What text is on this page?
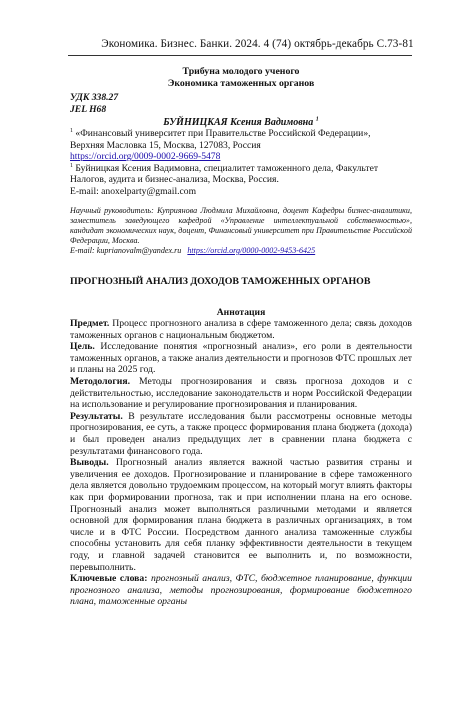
Экономика. Бизнес. Банки. 2024. 4 (74) октябрь-декабрь С.73-81
Трибуна молодого ученого
Экономика таможенных органов
УДК 338.27
JEL H68
БУЙНИЦКАЯ Ксения Вадимовна $^1$
$^1$ «Финансовый университет при Правительстве Российской Федерации»,
Верхняя Масловка 15, Москва, 127083, Россия
https://orcid.org/0009-0002-9669-5478
$^1$ Буйницкая Ксения Вадимовна, специалитет таможенного дела, Факультет Налогов, аудита и бизнес-анализа, Москва, Россия.
E-mail: anoxelparty@gmail.com
Научный руководитель: Куприянова Людмила Михайловна, доцент Кафедры бизнес-аналитики, заместитель заведующего кафедрой «Управление интеллектуальной собственностью», кандидат экономических наук, доцент, Финансовый университет при Правительстве Российской Федерации, Москва.
E-mail: kuprianovalm@yandex.ru https://orcid.org/0000-0002-9453-6425
ПРОГНОЗНЫЙ АНАЛИЗ ДОХОДОВ ТАМОЖЕННЫХ ОРГАНОВ
Аннотация

Предмет. Процесс прогнозного анализа в сфере таможенного дела; связь доходов таможенных органов с национальным бюджетом.

Цель. Исследование понятия «прогнозный анализ», его роли в деятельности таможенных органов, а также анализ деятельности и прогнозов ФТС прошлых лет и планы на 2025 год.

Методология. Методы прогнозирования и связь прогноза доходов и с действительностью, исследование законодательств и норм Российской Федерации на использование и регулирование прогнозирования и планирования.

Результаты. В результате исследования были рассмотрены основные методы прогнозирования, ее суть, а также процесс формирования плана бюджета (дохода) и был проведен анализ предыдущих лет в сравнении плана бюджета с результатами финансового года.

Выводы. Прогнозный анализ является важной частью развития страны и увеличения ее доходов. Прогнозирование и планирование в сфере таможенного дела является довольно трудоемким процессом, на который могут влиять факторы как при формировании прогноза, так и при исполнении плана на его основе. Прогнозный анализ может выполняться различными методами и является основной для формирования плана бюджета в различных организациях, в том числе и в ФТС России. Посредством данного анализа таможенные службы способны установить для себя планку эффективности деятельности в текущем году, и главной задачей становится ее выполнить и, по возможности, перевыполнить.

Ключевые слова: прогнозный анализ, ФТС, бюджетное планирование, функции прогнозного анализа, методы прогнозирования, формирование бюджетного плана, таможенные органы
